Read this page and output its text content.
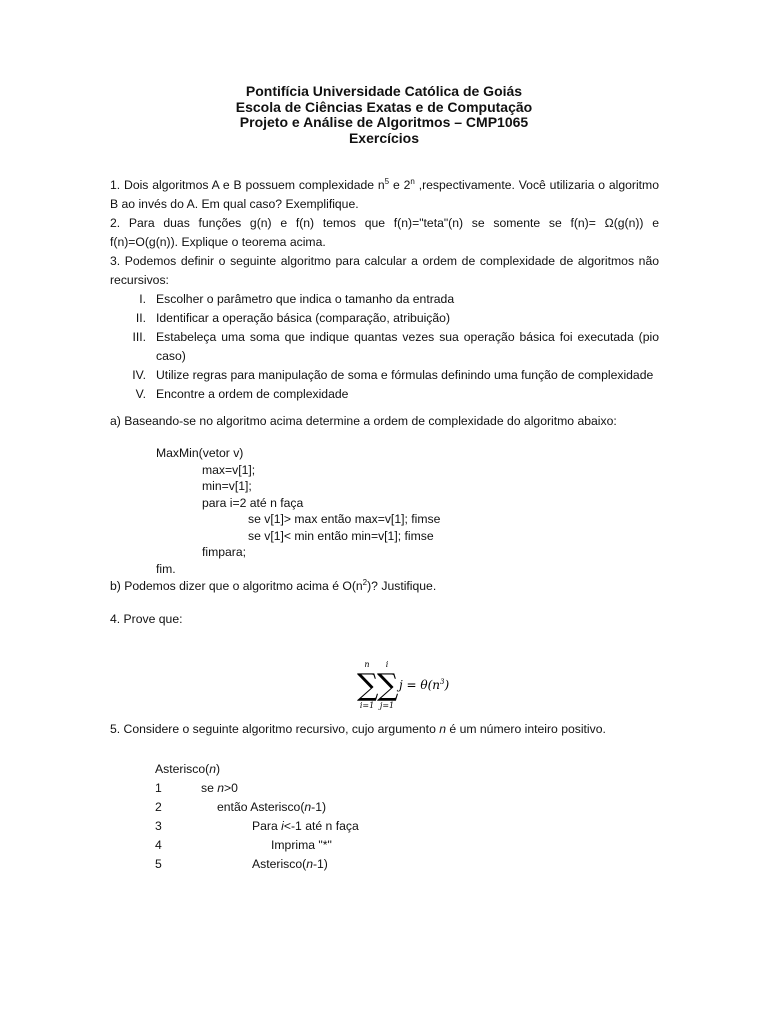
Pontifícia Universidade Católica de Goiás
Escola de Ciências Exatas e de Computação
Projeto e Análise de Algoritmos – CMP1065
Exercícios

1. Dois algoritmos A e B possuem complexidade $n^5$ e 2$^n$ ,respectivamente. Você utilizaria o algoritmo B ao invés do A. Em qual caso? Exemplifique.

2. Para duas funções g(n) e f(n) temos que f(n)="teta"(n) se somente se f(n)= Ω(g(n)) e

f(n)=O(g(n)). Explique o teorema acima.

3. Podemos definir o seguinte algoritmo para calcular a ordem de complexidade de algoritmos não recursivos:

I. Escolher o parâmetro que indica o tamanho da entrada
II. Identificar a operação básica (comparação, atribuição)
III. Estabeleça uma soma que indique quantas vezes sua operação básica foi executada (pio caso)
IV. Utilize regras para manipulação de soma e fórmulas definindo uma função de complexidade
V. Encontre a ordem de complexidade

a) Baseando-se no algoritmo acima determine a ordem de complexidade do algoritmo abaixo:

MaxMin(vetor v)
max=v[1];
min=v[1];
para i=2 até n faça
se v[1]> max então max=v[1]; fimse
se v[1]< min então min=v[1]; fimse
fimpara;
fim.

b) Podemos dizer que o algoritmo acima é $O(n^2)$? Justifique.

4. Prove que:

n
∑
i=1
i
∑
j=1
$j = \theta(n^3)$

5. Considere o seguinte algoritmo recursivo, cujo argumento n é um número inteiro positivo.

Asterisco(n)
1	se n>0
2	então Asterisco(n-1)
3	Para i<-1 até n faça
4	Imprima "*"
5	Asterisco(n-1)
